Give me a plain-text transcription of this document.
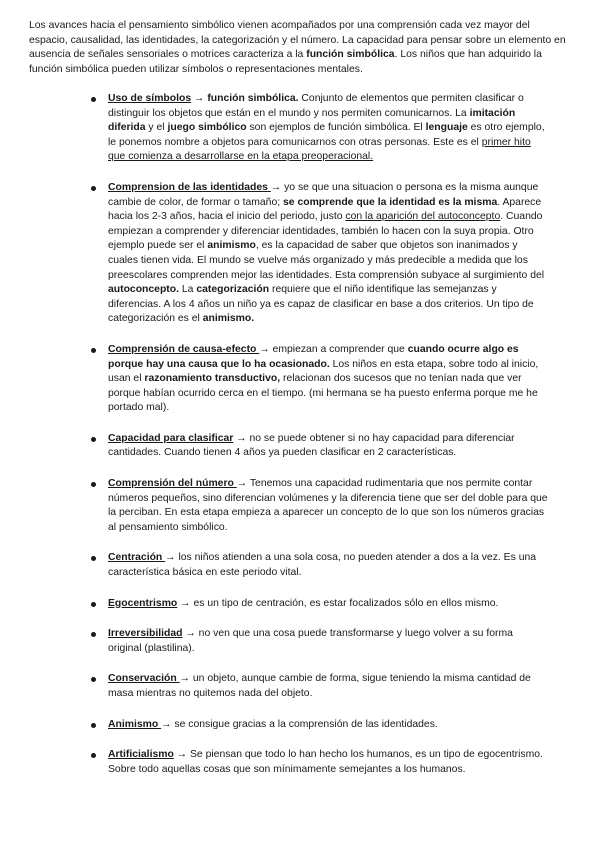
Los avances hacia el pensamiento simbólico vienen acompañados por una comprensión cada vez mayor del espacio, causalidad, las identidades, la categorización y el número. La capacidad para pensar sobre un elemento en ausencia de señales sensoriales o motrices caracteriza a la función simbólica. Los niños que han adquirido la función simbólica pueden utilizar símbolos o representaciones mentales.

Uso de símbolos → función simbólica. Conjunto de elementos que permiten clasificar o distinguir los objetos que están en el mundo y nos permiten comunicarnos. La imitación diferida y el juego simbólico son ejemplos de función simbólica. El lenguaje es otro ejemplo, le ponemos nombre a objetos para comunicarnos con otras personas. Este es el primer hito que comienza a desarrollarse en la etapa preoperacional.
Comprension de las identidades → yo se que una situacion o persona es la misma aunque cambie de color, de formar o tamaño; se comprende que la identidad es la misma. Aparece hacia los 2-3 años, hacia el inicio del periodo, justo con la aparición del autoconcepto. Cuando empiezan a comprender y diferenciar identidades, también lo hacen con la suya propia. Otro ejemplo puede ser el animismo, es la capacidad de saber que objetos son inanimados y cuales tienen vida. El mundo se vuelve más organizado y más predecible a medida que los preescolares comprenden mejor las identidades. Esta comprensión subyace al surgimiento del autoconcepto. La categorización requiere que el niño identifique las semejanzas y diferencias. A los 4 años un niño ya es capaz de clasificar en base a dos criterios. Un tipo de categorización es el animismo.
Comprensión de causa-efecto → empiezan a comprender que cuando ocurre algo es porque hay una causa que lo ha ocasionado. Los niños en esta etapa, sobre todo al inicio, usan el razonamiento transductivo, relacionan dos sucesos que no tenían nada que ver porque habían ocurrido cerca en el tiempo. (mi hermana se ha puesto enferma porque me he portado mal).
Capacidad para clasificar → no se puede obtener si no hay capacidad para diferenciar cantidades. Cuando tienen 4 años ya pueden clasificar en 2 características.
Comprensión del número → Tenemos una capacidad rudimentaria que nos permite contar números pequeños, sino diferencian volúmenes y la diferencia tiene que ser del doble para que la perciban. En esta etapa empieza a aparecer un concepto de lo que son los números gracias al pensamiento simbólico.
Centración → los niños atienden a una sola cosa, no pueden atender a dos a la vez. Es una característica básica en este periodo vital.
Egocentrismo → es un tipo de centración, es estar focalizados sólo en ellos mismo.
Irreversibilidad → no ven que una cosa puede transformarse y luego volver a su forma original (plastilina).
Conservación → un objeto, aunque cambie de forma, sigue teniendo la misma cantidad de masa mientras no quitemos nada del objeto.
Animismo → se consigue gracias a la comprensión de las identidades.
Artificialismo → Se piensan que todo lo han hecho los humanos, es un tipo de egocentrismo. Sobre todo aquellas cosas que son mínimamente semejantes a los humanos.
